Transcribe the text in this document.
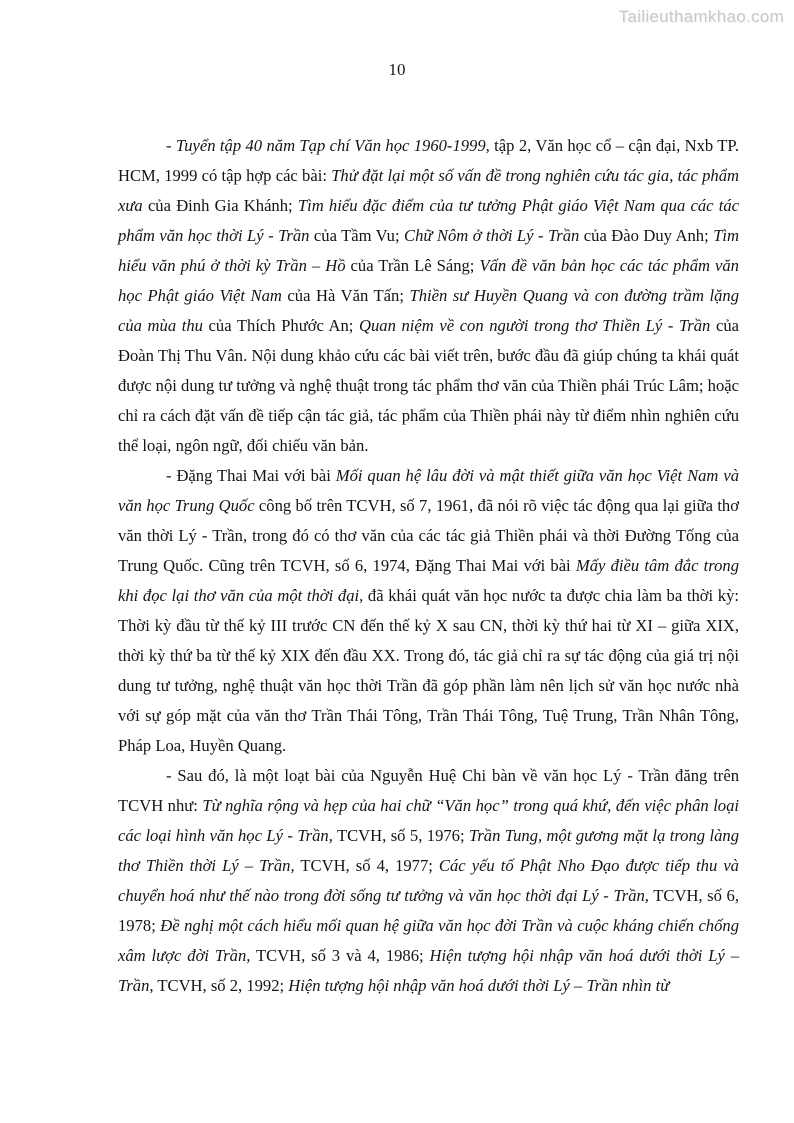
Tailieuthamkhao.com
10

- Tuyển tập 40 năm Tạp chí Văn học 1960-1999, tập 2, Văn học cổ – cận đại, Nxb TP. HCM, 1999 có tập hợp các bài: Thử đặt lại một số vấn đề trong nghiên cứu tác gia, tác phẩm xưa của Đinh Gia Khánh; Tìm hiểu đặc điểm của tư tưởng Phật giáo Việt Nam qua các tác phẩm văn học thời Lý - Trần của Tầm Vu; Chữ Nôm ở thời Lý - Trần của Đào Duy Anh; Tìm hiểu văn phú ở thời kỳ Trần – Hồ của Trần Lê Sáng; Vấn đề văn bản học các tác phẩm văn học Phật giáo Việt Nam của Hà Văn Tấn; Thiền sư Huyền Quang và con đường trầm lặng của mùa thu của Thích Phước An; Quan niệm về con người trong thơ Thiền Lý - Trần của Đoàn Thị Thu Vân. Nội dung khảo cứu các bài viết trên, bước đầu đã giúp chúng ta khái quát được nội dung tư tưởng và nghệ thuật trong tác phẩm thơ văn của Thiền phái Trúc Lâm; hoặc chỉ ra cách đặt vấn đề tiếp cận tác giả, tác phẩm của Thiền phái này từ điểm nhìn nghiên cứu thể loại, ngôn ngữ, đối chiếu văn bản.

- Đặng Thai Mai với bài Mối quan hệ lâu đời và mật thiết giữa văn học Việt Nam và văn học Trung Quốc công bố trên TCVH, số 7, 1961, đã nói rõ việc tác động qua lại giữa thơ văn thời Lý - Trần, trong đó có thơ văn của các tác giả Thiền phái và thời Đường Tống của Trung Quốc. Cũng trên TCVH, số 6, 1974, Đặng Thai Mai với bài Mấy điều tâm đắc trong khi đọc lại thơ văn của một thời đại, đã khái quát văn học nước ta được chia làm ba thời kỳ: Thời kỳ đầu từ thế kỷ III trước CN đến thế kỷ X sau CN, thời kỳ thứ hai từ XI – giữa XIX, thời kỳ thứ ba từ thế kỷ XIX đến đầu XX. Trong đó, tác giả chỉ ra sự tác động của giá trị nội dung tư tưởng, nghệ thuật văn học thời Trần đã góp phần làm nên lịch sử văn học nước nhà với sự góp mặt của văn thơ Trần Thái Tông, Trần Thái Tông, Tuệ Trung, Trần Nhân Tông, Pháp Loa, Huyền Quang.

- Sau đó, là một loạt bài của Nguyễn Huệ Chi bàn về văn học Lý - Trần đăng trên TCVH như: Từ nghĩa rộng và hẹp của hai chữ “Văn học” trong quá khứ, đến việc phân loại các loại hình văn học Lý - Trần, TCVH, số 5, 1976; Trần Tung, một gương mặt lạ trong làng thơ Thiền thời Lý – Trần, TCVH, số 4, 1977; Các yếu tố Phật Nho Đạo được tiếp thu và chuyển hoá như thế nào trong đời sống tư tưởng và văn học thời đại Lý - Trần, TCVH, số 6, 1978; Đề nghị một cách hiểu mối quan hệ giữa văn học đời Trần và cuộc kháng chiến chống xâm lược đời Trần, TCVH, số 3 và 4, 1986; Hiện tượng hội nhập văn hoá dưới thời Lý – Trần, TCVH, số 2, 1992; Hiện tượng hội nhập văn hoá dưới thời Lý – Trần nhìn từ
